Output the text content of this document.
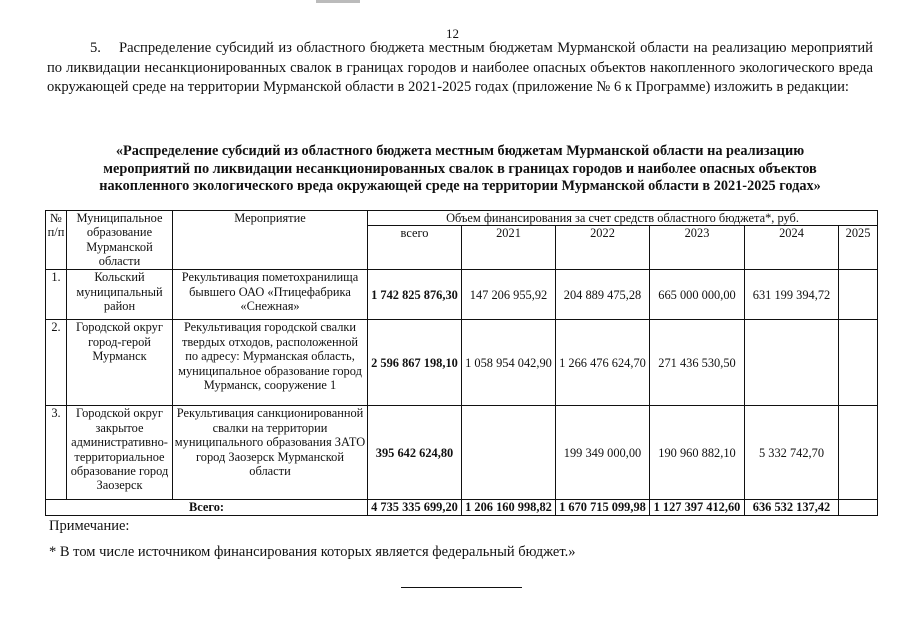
12
5. Распределение субсидий из областного бюджета местным бюджетам Мурманской области на реализацию мероприятий по ликвидации несанкционированных свалок в границах городов и наиболее опасных объектов накопленного экологического вреда окружающей среде на территории Мурманской области в 2021-2025 годах (приложение № 6 к Программе) изложить в редакции:
«Распределение субсидий из областного бюджета местным бюджетам Мурманской области на реализацию
мероприятий по ликвидации несанкционированных свалок в границах городов и наиболее опасных объектов
накопленного экологического вреда окружающей среде на территории Мурманской области в 2021-2025 годах»
№ п/п	Муниципальное образование Мурманской области	Мероприятие	Объем финансирования за счет средств областного бюджета*, руб.					
			всего	2021	2022	2023	2024	2025
1.	Кольский муниципальный район	Рекультивация пометохранилища бывшего ОАО «Птицефабрика «Снежная»	1 742 825 876,30	147 206 955,92	204 889 475,28	665 000 000,00	631 199 394,72	
2.	Городской округ город-герой Мурманск	Рекультивация городской свалки твердых отходов, расположенной по адресу: Мурманская область, муниципальное образование город Мурманск, сооружение 1	2 596 867 198,10	1 058 954 042,90	1 266 476 624,70	271 436 530,50		
3.	Городской округ закрытое административно-территориальное образование город Заозерск	Рекультивация санкционированной свалки на территории муниципального образования ЗАТО город Заозерск Мурманской области	395 642 624,80		199 349 000,00	190 960 882,10	5 332 742,70	
Всего:			4 735 335 699,20	1 206 160 998,82	1 670 715 099,98	1 127 397 412,60	636 532 137,42	
Примечание:
* В том числе источником финансирования которых является федеральный бюджет.»
